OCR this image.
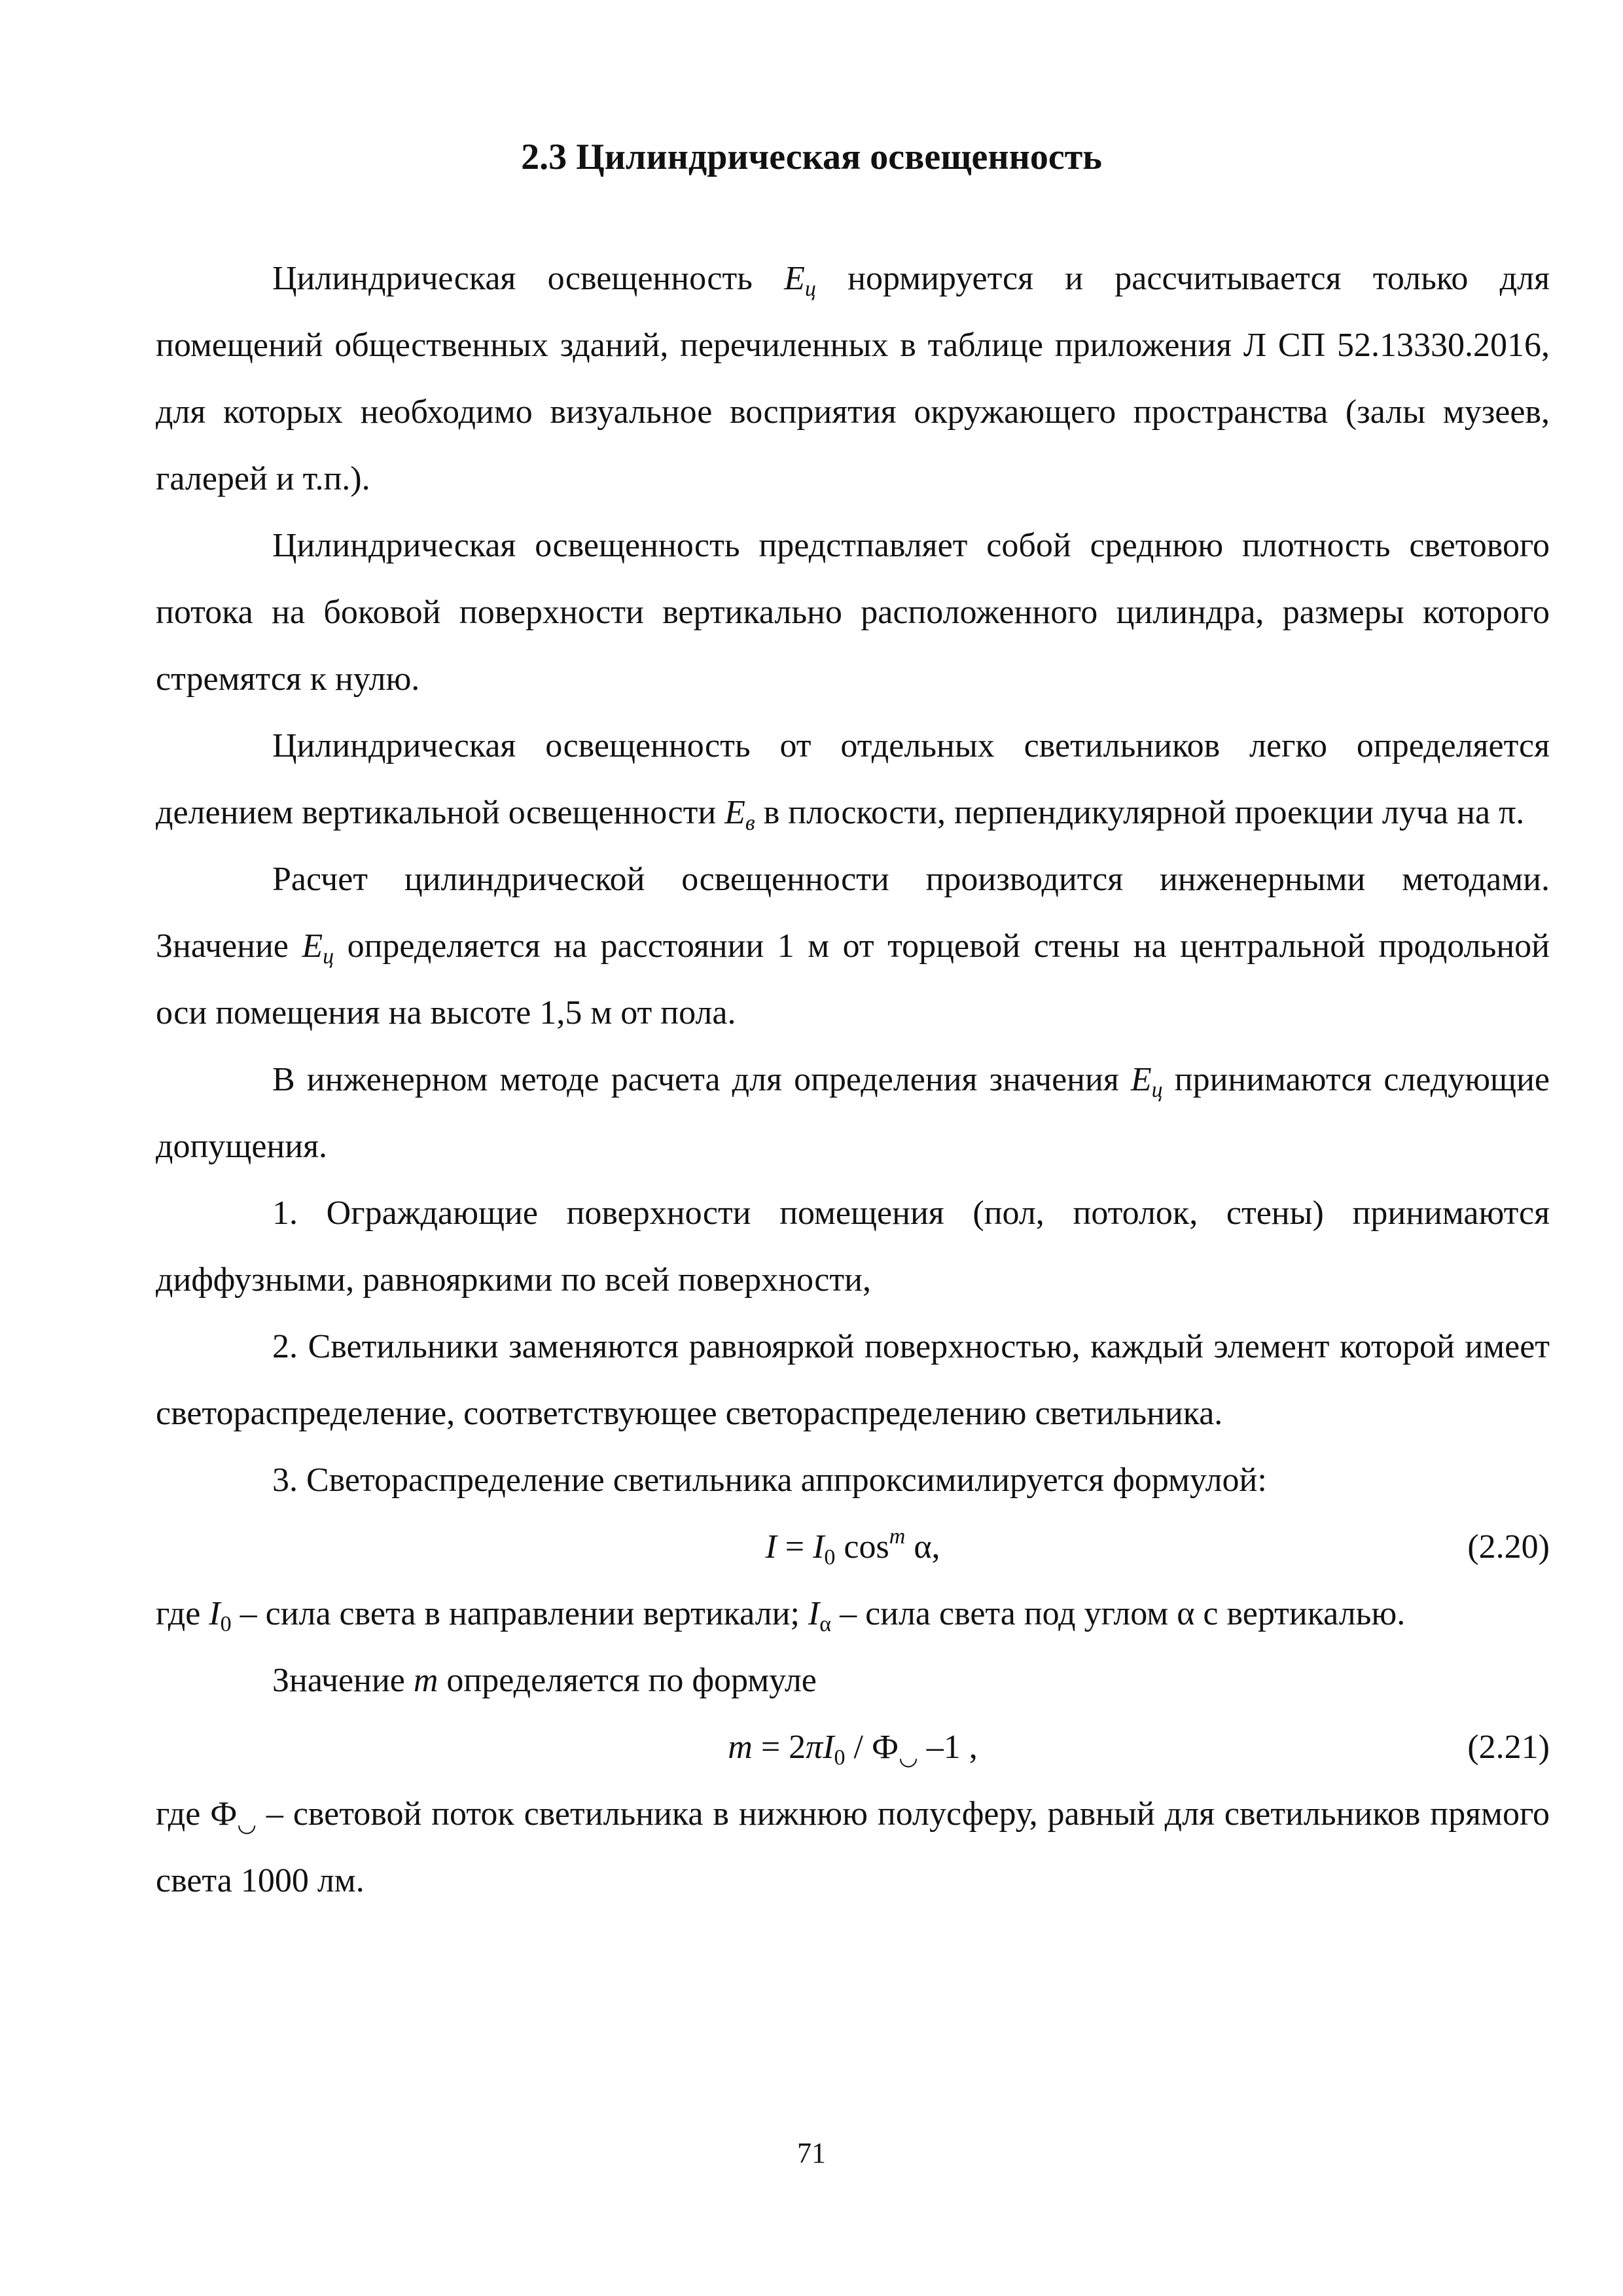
2.3 Цилиндрическая освещенность

Цилиндрическая освещенность $E_ц$ нормируется и рассчитывается только для помещений общественных зданий, перечиленных в таблице приложения Л СП 52.13330.2016, для которых необходимо визуальное восприятия окружающего пространства (залы музеев, галерей и т.п.).

Цилиндрическая освещенность предстпавляет собой среднюю плотность светового потока на боковой поверхности вертикально расположенного цилиндра, размеры которого стремятся к нулю.

Цилиндрическая освещенность от отдельных светильников легко определяется делением вертикальной освещенности $E_в$ в плоскости, перпендикулярной проекции луча на π.

Расчет цилиндрической освещенности производится инженерными методами. Значение $E_ц$ определяется на расстоянии 1 м от торцевой стены на центральной продольной оси помещения на высоте 1,5 м от пола.

В инженерном методе расчета для определения значения $E_ц$ принимаются следующие допущения.

1. Ограждающие поверхности помещения (пол, потолок, стены) принимаются диффузными, равнояркими по всей поверхности,

2. Светильники заменяются равнояркой поверхностью, каждый элемент которой имеет светораспределение, соответствующее светораспределению светильника.

3. Светораспределение светильника аппроксимилируется формулой:

$I = I_0$ $\cos^m \alpha$,	(2.20)

где $I_0$ – сила света в направлении вертикали; $I_\alpha$ – сила света под углом α с вертикалью.

Значение m определяется по формуле

$m = 2\pi I_0 / Ф_◡$ –1 ,	(2.21)

где $Ф_◡$ – световой поток светильника в нижнюю полусферу, равный для светильников прямого света 1000 лм.

71
